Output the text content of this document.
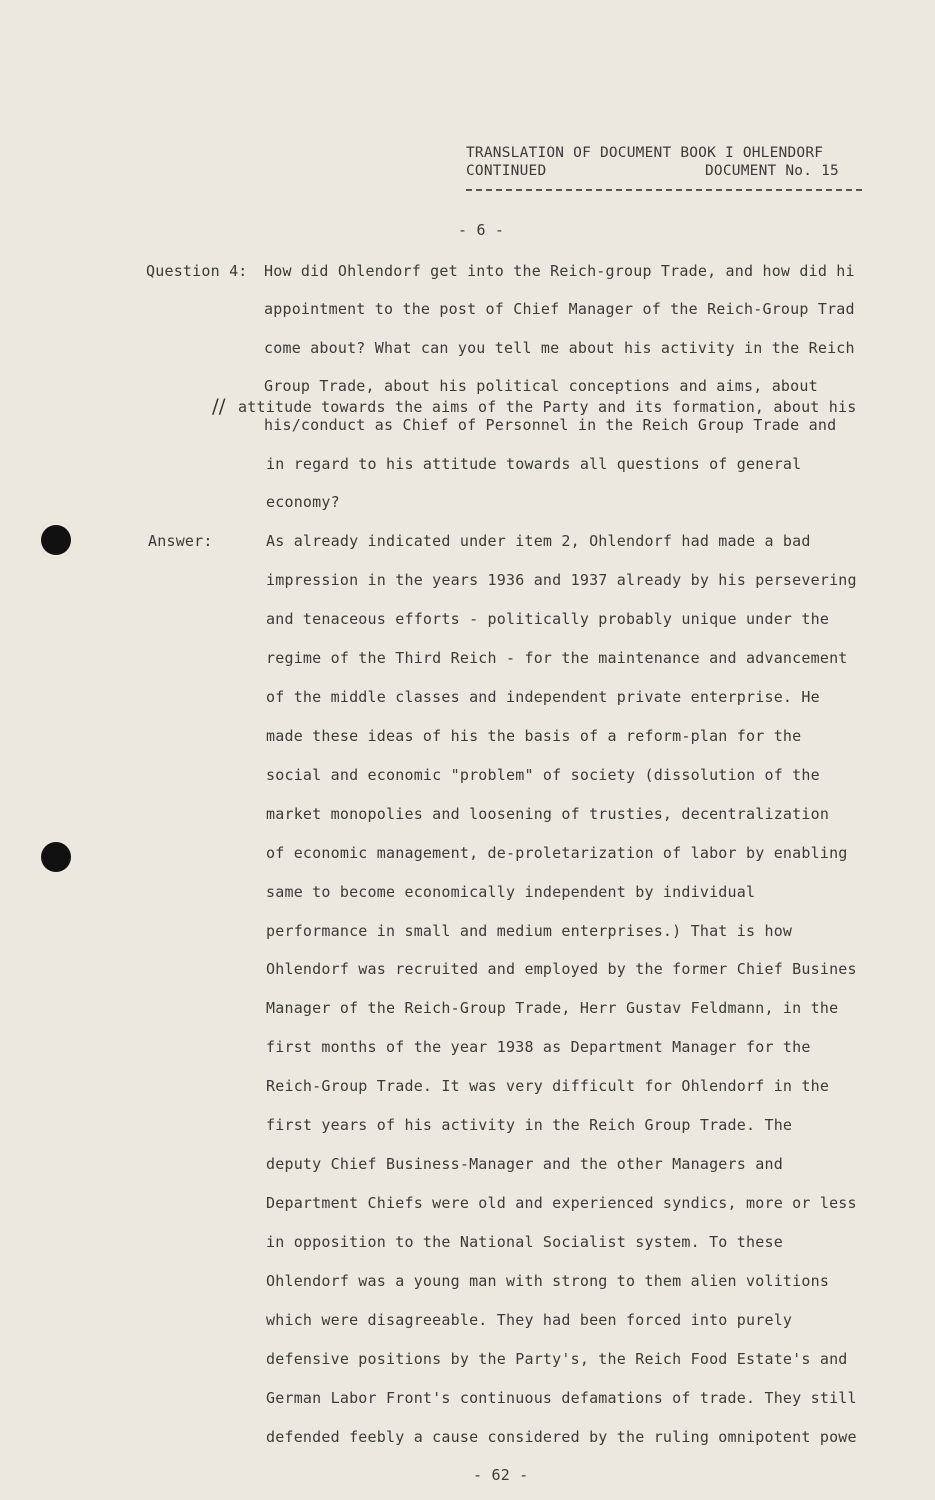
TRANSLATION OF DOCUMENT BOOK I OHLENDORF
CONTINUED	DOCUMENT No. 15
- 6 -
Question 4: How did Ohlendorf get into the Reich-group Trade, and how did hi
appointment to the post of Chief Manager of the Reich-Group Trad
come about? What can you tell me about his activity in the Reich
Group Trade, about his political conceptions and aims, about
attitude towards the aims of the Party and its formation, about his
his/conduct as Chief of Personnel in the Reich Group Trade and
in regard to his attitude towards all questions of general
economy?
//
Answer:	As already indicated under item 2, Ohlendorf had made a bad
impression in the years 1936 and 1937 already by his persevering
and tenaceous efforts - politically probably unique under the
regime of the Third Reich - for the maintenance and advancement
of the middle classes and independent private enterprise. He
made these ideas of his the basis of a reform-plan for the
social and economic "problem" of society (dissolution of the
market monopolies and loosening of trusties, decentralization
of economic management, de-proletarization of labor by enabling
same to become economically independent by individual
performance in small and medium enterprises.) That is how
Ohlendorf was recruited and employed by the former Chief Busines
Manager of the Reich-Group Trade, Herr Gustav Feldmann, in the
first months of the year 1938 as Department Manager for the
Reich-Group Trade. It was very difficult for Ohlendorf in the
first years of his activity in the Reich Group Trade. The
deputy Chief Business-Manager and the other Managers and
Department Chiefs were old and experienced syndics, more or less
in opposition to the National Socialist system. To these
Ohlendorf was a young man with strong to them alien volitions
which were disagreeable. They had been forced into purely
defensive positions by the Party's, the Reich Food Estate's and
German Labor Front's continuous defamations of trade. They still
defended feebly a cause considered by the ruling omnipotent powe
- 62 -
